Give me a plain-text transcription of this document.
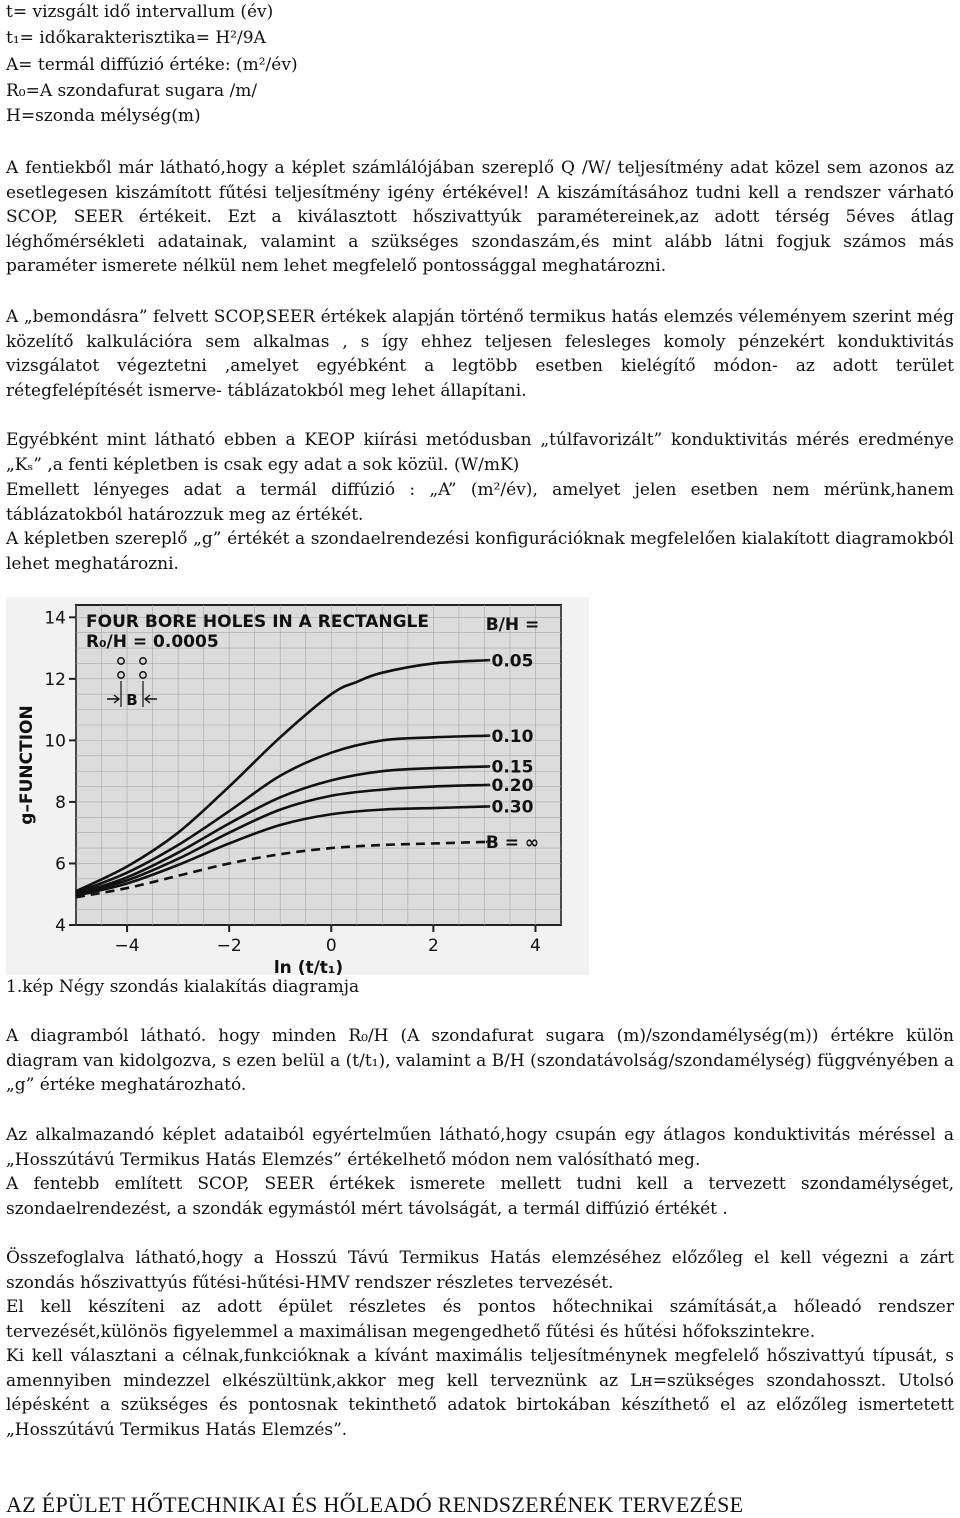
t= vizsgált idő intervallum (év)
t₁= időkarakterisztika= H²/9A
A= termál diffúzió értéke: (m²/év)
R₀=A szondafurat sugara /m/
H=szonda mélység(m)
A fentiekből már látható,hogy a képlet számlálójában szereplő Q /W/ teljesítmény adat közel sem azonos az esetlegesen kiszámított fűtési teljesítmény igény értékével! A kiszámításához tudni kell a rendszer várható SCOP, SEER értékeit. Ezt a kiválasztott hőszivattyúk paramétereinek,az adott térség 5éves átlag léghőmérsékleti adatainak, valamint a szükséges szondaszám,és mint alább látni fogjuk számos más paraméter ismerete nélkül nem lehet megfelelő pontossággal meghatározni.
A „bemondásra” felvett SCOP,SEER értékek alapján történő termikus hatás elemzés véleményem szerint még közelítő kalkulációra sem alkalmas , s így ehhez teljesen felesleges komoly pénzekért konduktivitás vizsgálatot végeztetni ,amelyet egyébként a legtöbb esetben kielégítő módon- az adott terület rétegfelépítését ismerve- táblázatokból meg lehet állapítani.
Egyébként mint látható ebben a KEOP kiírási metódusban „túlfavorizált” konduktivitás mérés eredménye „Kₛ” ,a fenti képletben is csak egy adat a sok közül. (W/mK)
Emellett lényeges adat a termál diffúzió : „A” (m²/év), amelyet jelen esetben nem mérünk,hanem táblázatokból határozzuk meg az értékét.
A képletben szereplő „g” értékét a szondaelrendezési konfigurációknak megfelelően kialakított diagramokból lehet meghatározni.
4
6
8
10
12
14
−4	−2	0	2	4
ln (t/t₁)
g–FUNCTION
FOUR BORE HOLES IN A RECTANGLE
R₀/H = 0.0005
B
B/H =
0.05
0.10
0.15
0.20
0.30
B = ∞
1.kép Négy szondás kialakítás diagramja
A diagramból látható. hogy minden R₀/H (A szondafurat sugara (m)/szondamélység(m)) értékre külön diagram van kidolgozva, s ezen belül a (t/t₁), valamint a B/H (szondatávolság/szondamélység) függvényében a „g” értéke meghatározható.
Az alkalmazandó képlet adataiból egyértelműen látható,hogy csupán egy átlagos konduktivitás méréssel a „Hosszútávú Termikus Hatás Elemzés” értékelhető módon nem valósítható meg.
A fentebb említett SCOP, SEER értékek ismerete mellett tudni kell a tervezett szondamélységet, szondaelrendezést, a szondák egymástól mért távolságát, a termál diffúzió értékét .
Összefoglalva látható,hogy a Hosszú Távú Termikus Hatás elemzéséhez előzőleg el kell végezni a zárt szondás hőszivattyús fűtési-hűtési-HMV rendszer részletes tervezését.
El kell készíteni az adott épület részletes és pontos hőtechnikai számítását,a hőleadó rendszer tervezését,különös figyelemmel a maximálisan megengedhető fűtési és hűtési hőfokszintekre.
Ki kell választani a célnak,funkcióknak a kívánt maximális teljesítménynek megfelelő hőszivattyú típusát, s amennyiben mindezzel elkészültünk,akkor meg kell terveznünk az Lʜ=szükséges szondahosszt. Utolsó lépésként a szükséges és pontosnak tekinthető adatok birtokában készíthető el az előzőleg ismertetett „Hosszútávú Termikus Hatás Elemzés”.
AZ ÉPÜLET HŐTECHNIKAI ÉS HŐLEADÓ RENDSZERÉNEK TERVEZÉSE
